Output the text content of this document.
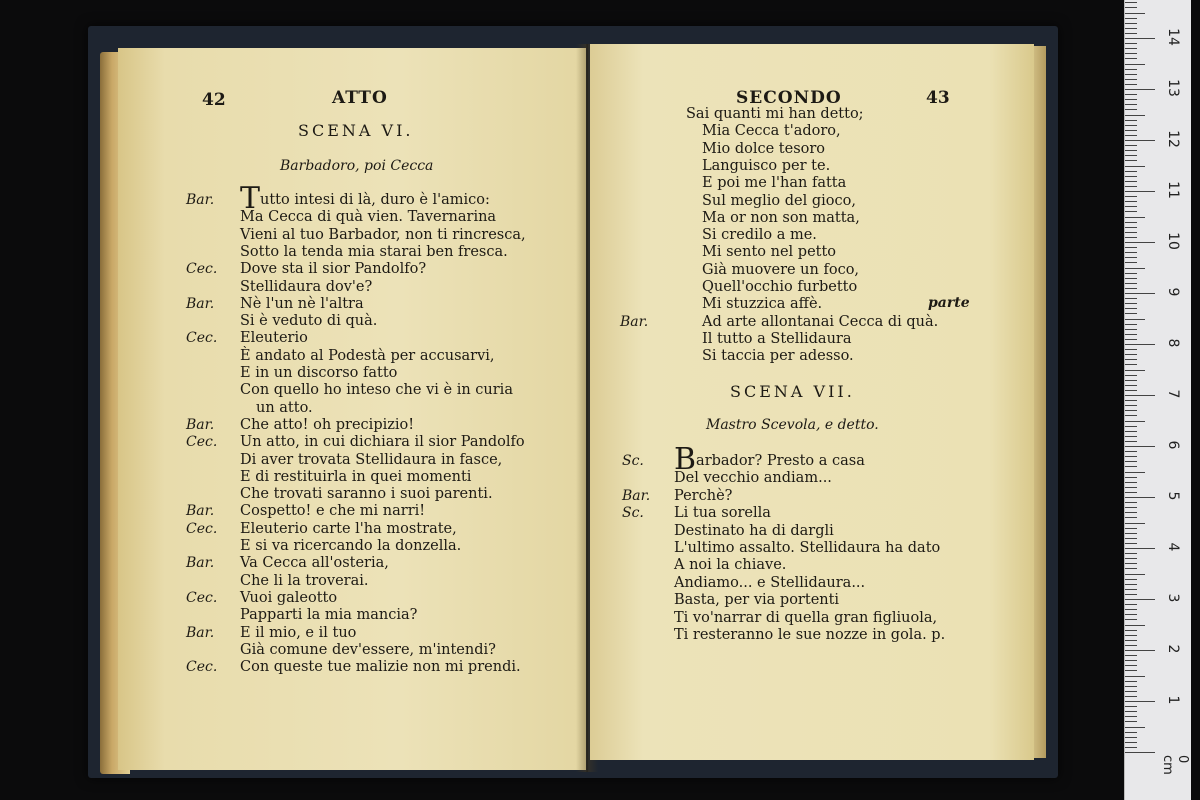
42	ATTO
SCENA VI.
Barbadoro, poi Cecca
Bar. Tutto intesi di là, duro è l'amico:
Ma Cecca di quà vien. Tavernarina
Vieni al tuo Barbador, non ti rincresca,
Sotto la tenda mia starai ben fresca.
Cec. Dove sta il sior Pandolfo?
Stellidaura dov'e?
Bar. Nè l'un nè l'altra
Si è veduto di quà.
Cec. Eleuterio
È andato al Podestà per accusarvi,
E in un discorso fatto
Con quello ho inteso che vi è in curia
un atto.
Bar. Che atto! oh precipizio!
Cec. Un atto, in cui dichiara il sior Pandolfo
Di aver trovata Stellidaura in fasce,
E di restituirla in quei momenti
Che trovati saranno i suoi parenti.
Bar. Cospetto! e che mi narri!
Cec. Eleuterio carte l'ha mostrate,
E si va ricercando la donzella.
Bar. Va Cecca all'osteria,
Che li la troverai.
Cec. Vuoi galeotto
Papparti la mia mancia?
Bar. E il mio, e il tuo
Già comune dev'essere, m'intendi?
Cec. Con queste tue malizie non mi prendi.
SECONDO	43
parte
SCENA VII.
Mastro Scevola, e detto.
Sai quanti mi han detto;
Mia Cecca t'adoro,
Mio dolce tesoro
Languisco per te.
E poi me l'han fatta
Sul meglio del gioco,
Ma or non son matta,
Si credilo a me.
Mi sento nel petto
Già muovere un foco,
Quell'occhio furbetto
Mi stuzzica affè.
Bar.	Ad arte allontanai Cecca di quà.
Il tutto a Stellidaura
Si taccia per adesso.
Sc. Barbador? Presto a casa
Del vecchio andiam...
Bar. Perchè?
Sc. Li tua sorella
Destinato ha di dargli
L'ultimo assalto. Stellidaura ha dato
A noi la chiave.
Andiamo... e Stellidaura...
Basta, per via portenti
Ti vo'narrar di quella gran figliuola,
Ti resteranno le sue nozze in gola. p.
0 cm
1
2
3
4
5
6
7
8
9
10
11
12
13
14
